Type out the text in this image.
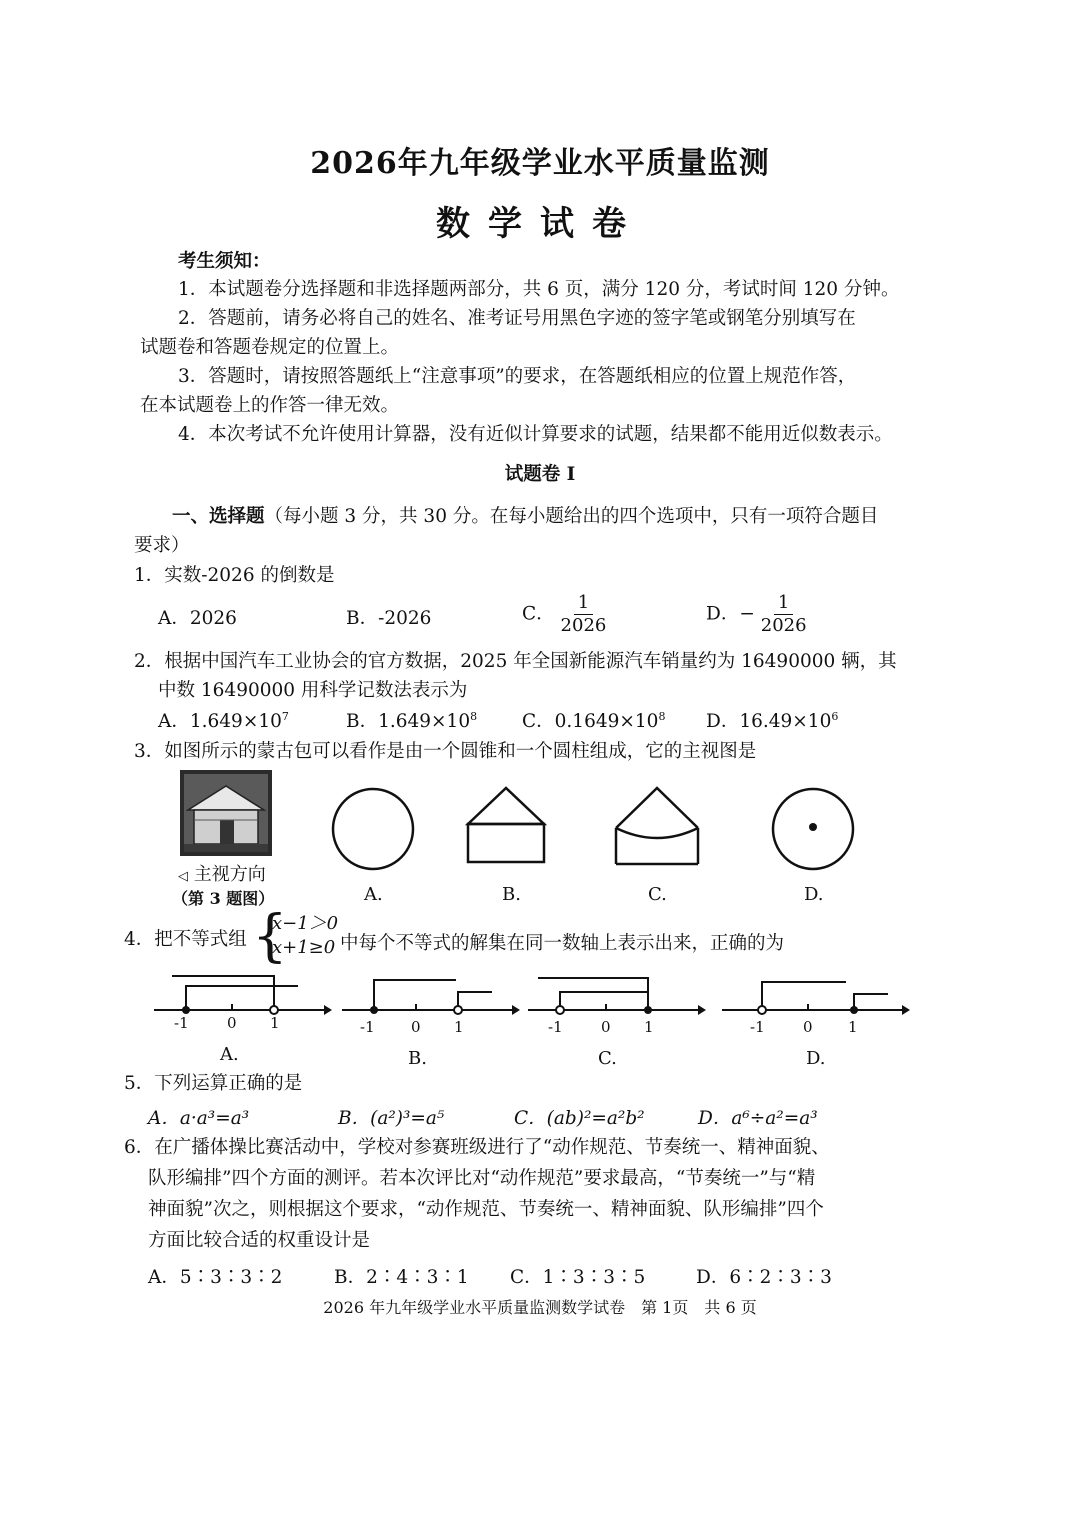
2026年九年级学业水平质量监测
数学试卷
考生须知：
1．本试题卷分选择题和非选择题两部分，共 6 页，满分 120 分，考试时间 120 分钟。
2．答题前，请务必将自己的姓名、准考证号用黑色字迹的签字笔或钢笔分别填写在
试题卷和答题卷规定的位置上。
3．答题时，请按照答题纸上“注意事项”的要求，在答题纸相应的位置上规范作答，
在本试题卷上的作答一律无效。
4．本次考试不允许使用计算器，没有近似计算要求的试题，结果都不能用近似数表示。
试题卷 I
一、选择题（每小题 3 分，共 30 分。在每小题给出的四个选项中，只有一项符合题目
要求）
1．实数-2026 的倒数是
A．2026	B．-2026	C． $\frac{1}{2026}$	D．− $\frac{1}{2026}$
2．根据中国汽车工业协会的官方数据，2025 年全国新能源汽车销量约为 16490000 辆，其
中数 16490000 用科学记数法表示为
A．$1.649\times 10^7$	B．$1.649\times 10^8$ C．$0.1649\times 10^8$ D．$16.49\times 10^6$
3．如图所示的蒙古包可以看作是由一个圆锥和一个圆柱组成，它的主视图是
◁ 主视方向
（第 3 题图）	A.	B.	C.	D.
4．把不等式组 {
x−1＞0
x+1≥0 中每个不等式的解集在同一数轴上表示出来，正确的为
-1	0 1
A.
-1 0 1
B.
-1	0 1
C.
-1	0 1
D.
5．下列运算正确的是
A．a·a³=a³	B．(a²)³=a⁵	C．(ab)²=a²b²	D．a⁶÷a²=a³
6．在广播体操比赛活动中，学校对参赛班级进行了“动作规范、节奏统一、精神面貌、
队形编排”四个方面的测评。若本次评比对“动作规范”要求最高，“节奏统一”与“精
神面貌”次之，则根据这个要求，“动作规范、节奏统一、精神面貌、队形编排”四个
方面比较合适的权重设计是
A．5∶3∶3∶2	B．2∶4∶3∶1 C．1∶3∶3∶5	D．6∶2∶3∶3
2026 年九年级学业水平质量监测数学试卷　第 1页　共 6 页
